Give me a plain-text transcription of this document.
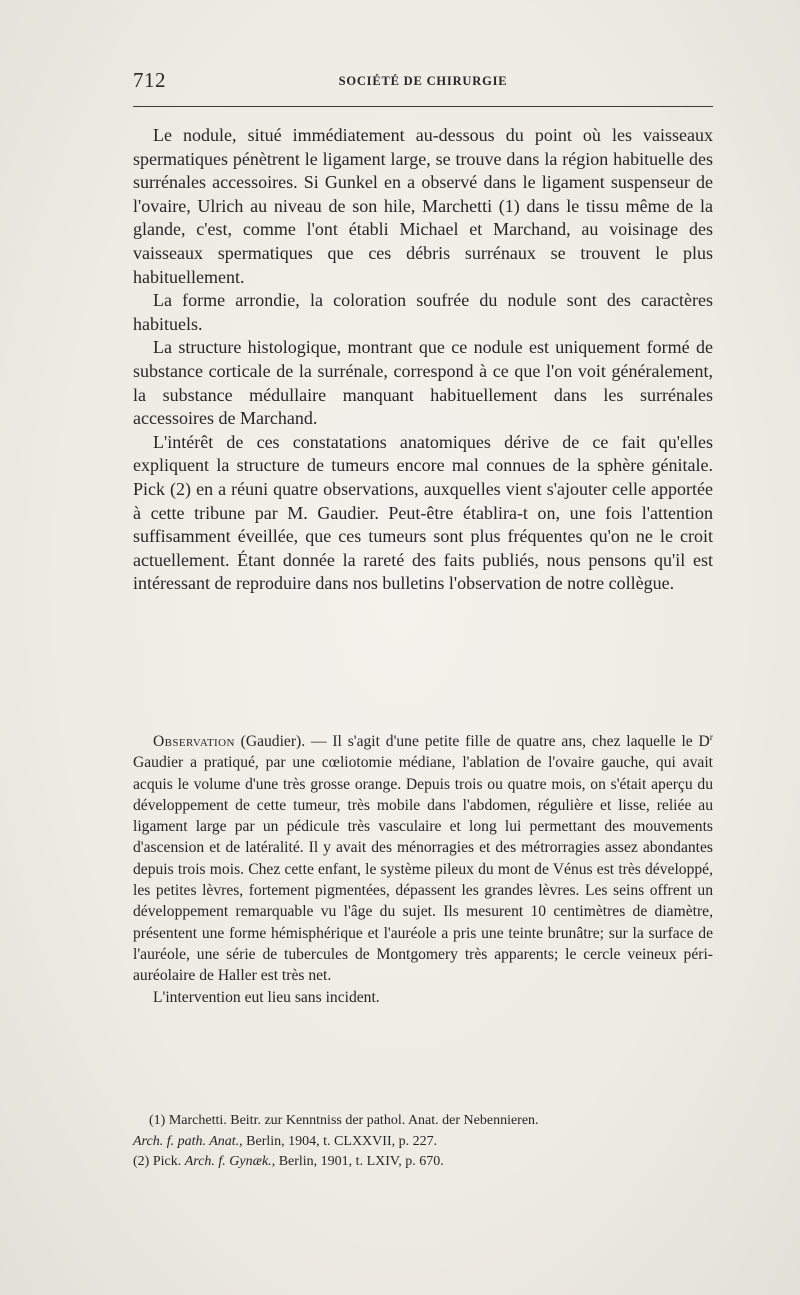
712	SOCIÉTÉ DE CHIRURGIE

Le nodule, situé immédiatement au-dessous du point où les vaisseaux spermatiques pénètrent le ligament large, se trouve dans la région habituelle des surrénales accessoires. Si Gunkel en a observé dans le ligament suspenseur de l'ovaire, Ulrich au niveau de son hile, Marchetti (1) dans le tissu même de la glande, c'est, comme l'ont établi Michael et Marchand, au voisinage des vaisseaux spermatiques que ces débris surrénaux se trouvent le plus habituellement.

La forme arrondie, la coloration soufrée du nodule sont des caractères habituels.

La structure histologique, montrant que ce nodule est uniquement formé de substance corticale de la surrénale, correspond à ce que l'on voit généralement, la substance médullaire manquant habituellement dans les surrénales accessoires de Marchand.

L'intérêt de ces constatations anatomiques dérive de ce fait qu'elles expliquent la structure de tumeurs encore mal connues de la sphère génitale. Pick (2) en a réuni quatre observations, auxquelles vient s'ajouter celle apportée à cette tribune par M. Gaudier. Peut-être établira-t on, une fois l'attention suffisamment éveillée, que ces tumeurs sont plus fréquentes qu'on ne le croit actuellement. Étant donnée la rareté des faits publiés, nous pensons qu'il est intéressant de reproduire dans nos bulletins l'observation de notre collègue.

Observation (Gaudier). — Il s'agit d'une petite fille de quatre ans, chez laquelle le $D^r$ Gaudier a pratiqué, par une cœliotomie médiane, l'ablation de l'ovaire gauche, qui avait acquis le volume d'une très grosse orange. Depuis trois ou quatre mois, on s'était aperçu du développement de cette tumeur, très mobile dans l'abdomen, régulière et lisse, reliée au ligament large par un pédicule très vasculaire et long lui permettant des mouvements d'ascension et de latéralité. Il y avait des ménorragies et des métrorragies assez abondantes depuis trois mois. Chez cette enfant, le système pileux du mont de Vénus est très développé, les petites lèvres, fortement pigmentées, dépassent les grandes lèvres. Les seins offrent un développement remarquable vu l'âge du sujet. Ils mesurent 10 centimètres de diamètre, présentent une forme hémisphérique et l'auréole a pris une teinte brunâtre; sur la surface de l'auréole, une série de tubercules de Montgomery très apparents; le cercle veineux péri-auréolaire de Haller est très net.

L'intervention eut lieu sans incident.

(1) Marchetti. Beitr. zur Kenntniss der pathol. Anat. der Nebennieren.
Arch. f. path. Anat., Berlin, 1904, t. CLXXVII, p. 227.

(2) Pick. Arch. f. Gynæk., Berlin, 1901, t. LXIV, p. 670.
